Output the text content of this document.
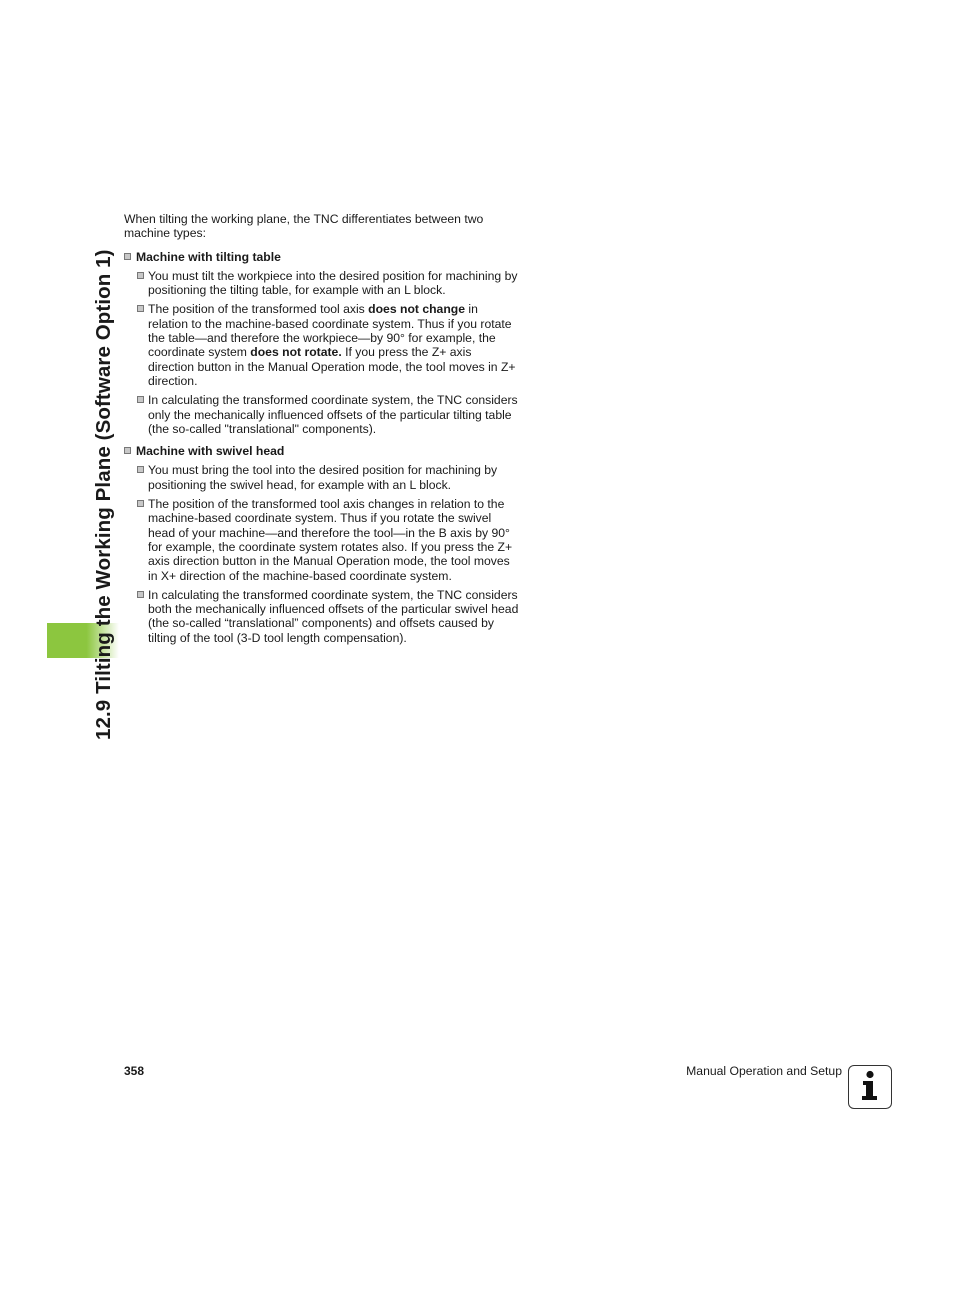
12.9 Tilting the Working Plane (Software Option 1)

When tilting the working plane, the TNC differentiates between two machine types:

Machine with tilting table
You must tilt the workpiece into the desired position for machining by positioning the tilting table, for example with an L block.
The position of the transformed tool axis does not change in relation to the machine-based coordinate system. Thus if you rotate the table—and therefore the workpiece—by 90° for example, the coordinate system does not rotate. If you press the Z+ axis direction button in the Manual Operation mode, the tool moves in Z+ direction.
In calculating the transformed coordinate system, the TNC considers only the mechanically influenced offsets of the particular tilting table (the so-called "translational" components).
Machine with swivel head
You must bring the tool into the desired position for machining by positioning the swivel head, for example with an L block.
The position of the transformed tool axis changes in relation to the machine-based coordinate system. Thus if you rotate the swivel head of your machine—and therefore the tool—in the B axis by 90° for example, the coordinate system rotates also. If you press the Z+ axis direction button in the Manual Operation mode, the tool moves in X+ direction of the machine-based coordinate system.
In calculating the transformed coordinate system, the TNC considers both the mechanically influenced offsets of the particular swivel head (the so-called “translational” components) and offsets caused by tilting of the tool (3-D tool length compensation).
358	Manual Operation and Setup
